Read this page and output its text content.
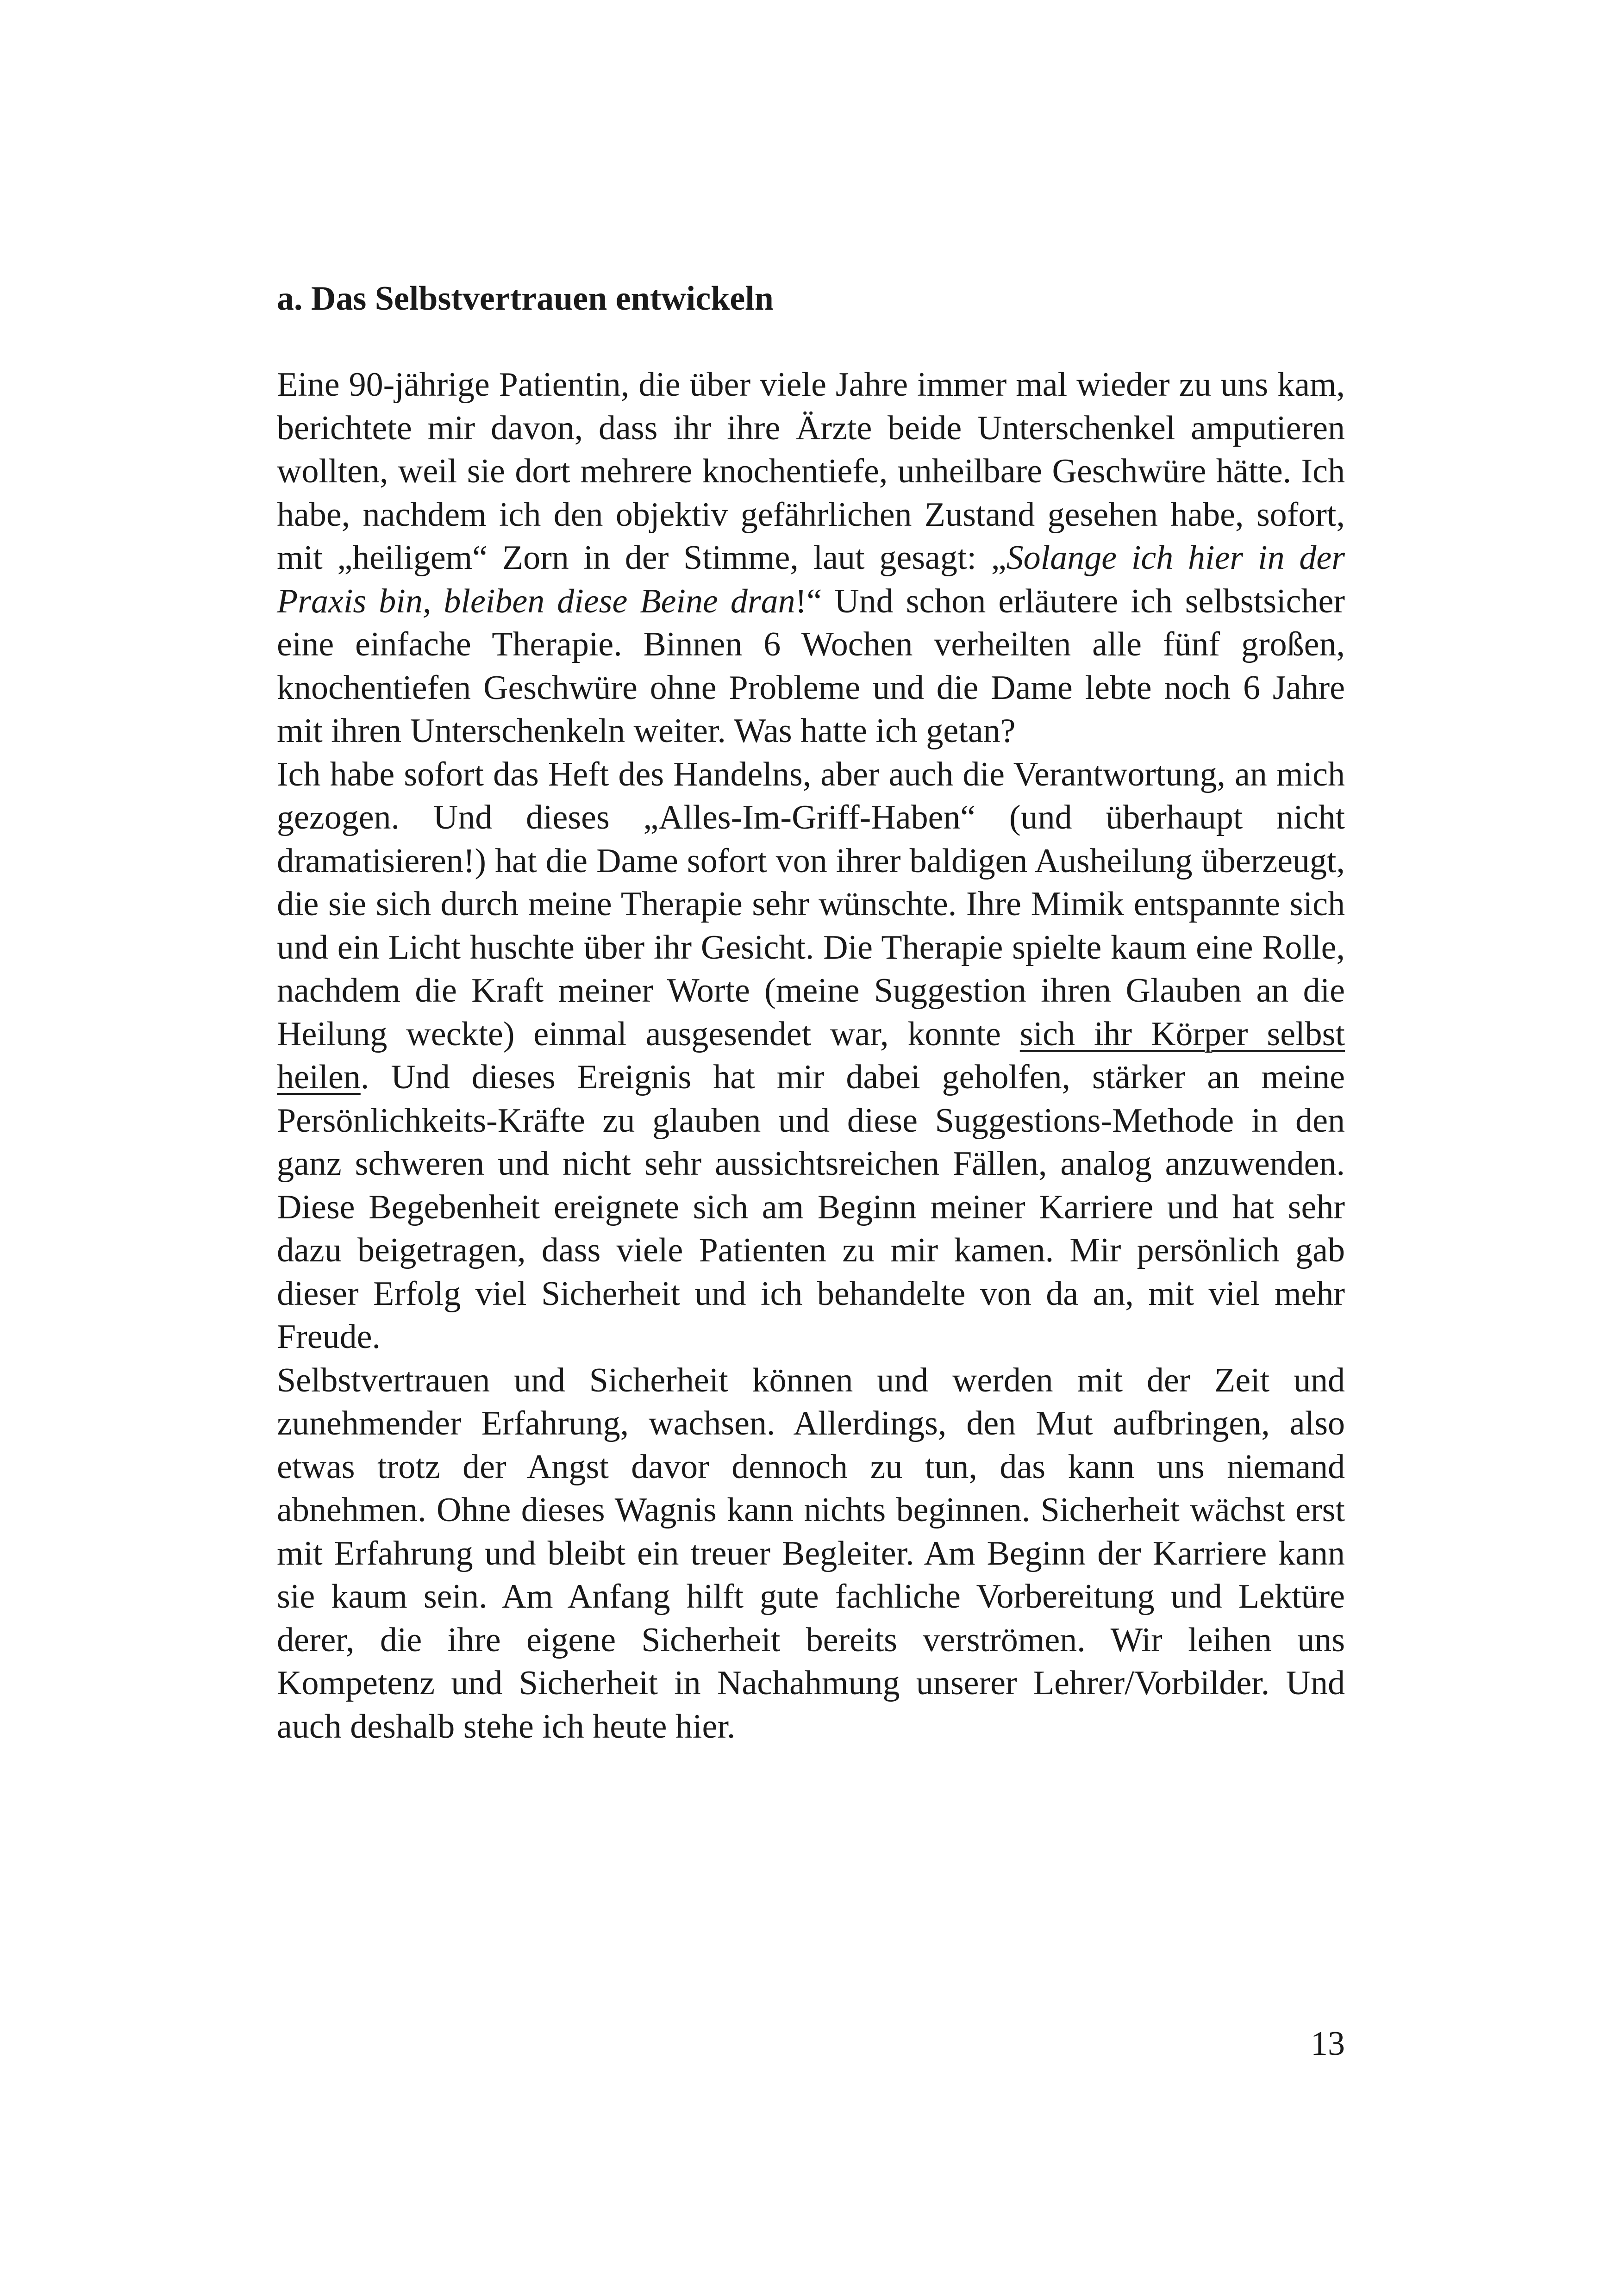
a. Das Selbstvertrauen entwickeln

Eine 90-jährige Patientin, die über viele Jahre immer mal wieder zu uns kam, berichtete mir davon, dass ihr ihre Ärzte beide Unterschenkel amputieren wollten, weil sie dort mehrere knochentiefe, unheilbare Geschwüre hätte. Ich habe, nachdem ich den objektiv gefährlichen Zustand gesehen habe, sofort, mit „heiligem“ Zorn in der Stimme, laut gesagt: „Solange ich hier in der Praxis bin, bleiben diese Beine dran!“ Und schon erläutere ich selbstsicher eine einfache Therapie. Binnen 6 Wochen verheilten alle fünf großen, knochentiefen Geschwüre ohne Probleme und die Dame lebte noch 6 Jahre mit ihren Unterschenkeln weiter. Was hatte ich getan?

Ich habe sofort das Heft des Handelns, aber auch die Verantwortung, an mich gezogen. Und dieses „Alles-Im-Griff-Haben“ (und überhaupt nicht dramatisieren!) hat die Dame sofort von ihrer baldigen Ausheilung überzeugt, die sie sich durch meine Therapie sehr wünschte. Ihre Mimik entspannte sich und ein Licht huschte über ihr Gesicht. Die Therapie spielte kaum eine Rolle, nachdem die Kraft meiner Worte (meine Suggestion ihren Glauben an die Heilung weckte) einmal ausgesendet war, konnte sich ihr Körper selbst heilen. Und dieses Ereignis hat mir dabei geholfen, stärker an meine Persönlichkeits-Kräfte zu glauben und diese Suggestions-Methode in den ganz schweren und nicht sehr aussichtsreichen Fällen, analog anzuwenden. Diese Begebenheit ereignete sich am Beginn meiner Karriere und hat sehr dazu beigetragen, dass viele Patienten zu mir kamen. Mir persönlich gab dieser Erfolg viel Sicherheit und ich behandelte von da an, mit viel mehr Freude.

Selbstvertrauen und Sicherheit können und werden mit der Zeit und zunehmender Erfahrung, wachsen. Allerdings, den Mut aufbringen, also etwas trotz der Angst davor dennoch zu tun, das kann uns niemand abnehmen. Ohne dieses Wagnis kann nichts beginnen. Sicherheit wächst erst mit Erfahrung und bleibt ein treuer Begleiter. Am Beginn der Karriere kann sie kaum sein. Am Anfang hilft gute fachliche Vorbereitung und Lektüre derer, die ihre eigene Sicherheit bereits verströmen. Wir leihen uns Kompetenz und Sicherheit in Nachahmung unserer Lehrer/Vorbilder. Und auch deshalb stehe ich heute hier.

13
